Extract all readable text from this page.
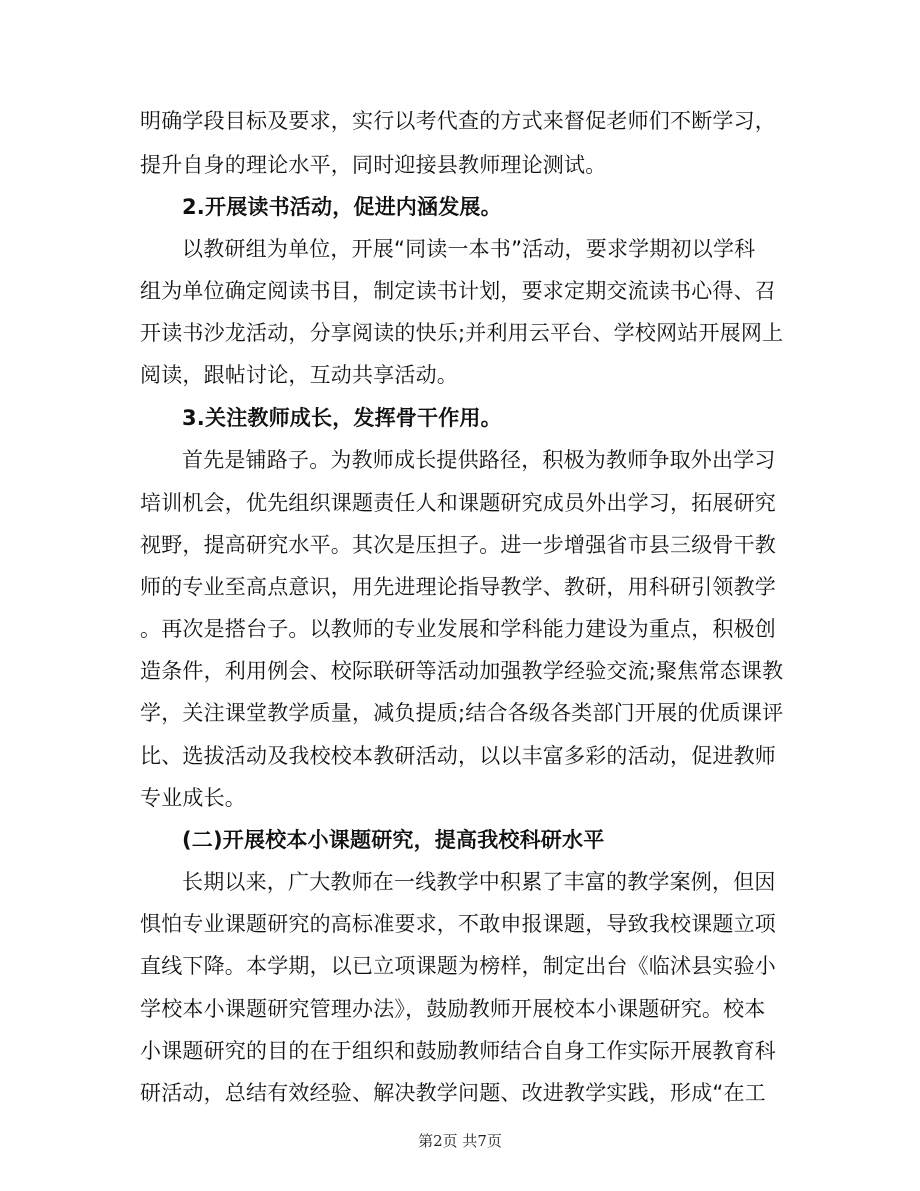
明确学段目标及要求，实行以考代查的方式来督促老师们不断学习，
提升自身的理论水平，同时迎接县教师理论测试。
2.开展读书活动，促进内涵发展。
以教研组为单位，开展“同读一本书”活动，要求学期初以学科
组为单位确定阅读书目，制定读书计划，要求定期交流读书心得、召
开读书沙龙活动，分享阅读的快乐;并利用云平台、学校网站开展网上
阅读，跟帖讨论，互动共享活动。
3.关注教师成长，发挥骨干作用。
首先是铺路子。为教师成长提供路径，积极为教师争取外出学习
培训机会，优先组织课题责任人和课题研究成员外出学习，拓展研究
视野，提高研究水平。其次是压担子。进一步增强省市县三级骨干教
师的专业至高点意识，用先进理论指导教学、教研，用科研引领教学
。再次是搭台子。以教师的专业发展和学科能力建设为重点，积极创
造条件，利用例会、校际联研等活动加强教学经验交流;聚焦常态课教
学，关注课堂教学质量，减负提质;结合各级各类部门开展的优质课评
比、选拔活动及我校校本教研活动，以以丰富多彩的活动，促进教师
专业成长。
(二)开展校本小课题研究，提高我校科研水平
长期以来，广大教师在一线教学中积累了丰富的教学案例，但因
惧怕专业课题研究的高标准要求，不敢申报课题，导致我校课题立项
直线下降。本学期，以已立项课题为榜样，制定出台《临沭县实验小
学校本小课题研究管理办法》，鼓励教师开展校本小课题研究。校本
小课题研究的目的在于组织和鼓励教师结合自身工作实际开展教育科
研活动，总结有效经验、解决教学问题、改进教学实践，形成“在工
第2页 共7页
